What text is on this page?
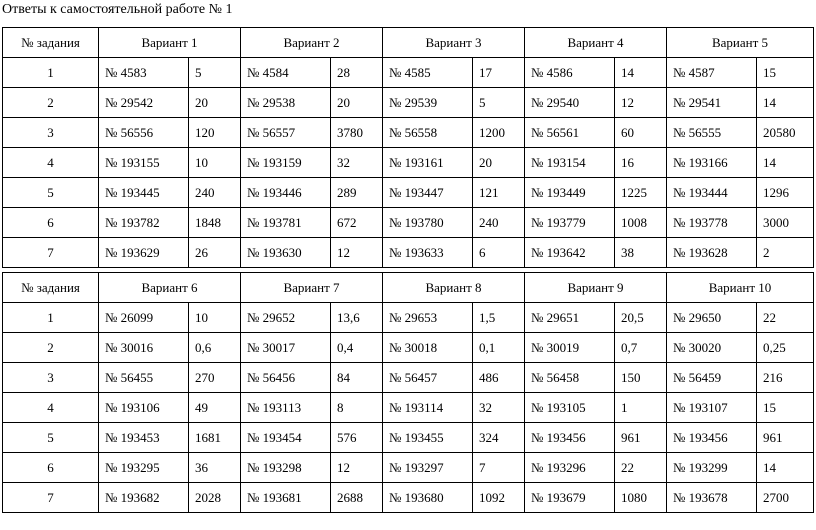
Ответы к самостоятельной работе № 1
№ задания	Вариант 1		Вариант 2		Вариант 3		Вариант 4		Вариант 5	
1	№ 4583	5	№ 4584	28	№ 4585	17	№ 4586	14	№ 4587	15
2	№ 29542	20	№ 29538	20	№ 29539	5	№ 29540	12	№ 29541	14
3	№ 56556	120	№ 56557	3780	№ 56558	1200	№ 56561	60	№ 56555	20580
4	№ 193155	10	№ 193159	32	№ 193161	20	№ 193154	16	№ 193166	14
5	№ 193445	240	№ 193446	289	№ 193447	121	№ 193449	1225	№ 193444	1296
6	№ 193782	1848	№ 193781	672	№ 193780	240	№ 193779	1008	№ 193778	3000
7	№ 193629	26	№ 193630	12	№ 193633	6	№ 193642	38	№ 193628	2
№ задания	Вариант 6		Вариант 7		Вариант 8		Вариант 9		Вариант 10	
1	№ 26099	10	№ 29652	13,6	№ 29653	1,5	№ 29651	20,5	№ 29650	22
2	№ 30016	0,6	№ 30017	0,4	№ 30018	0,1	№ 30019	0,7	№ 30020	0,25
3	№ 56455	270	№ 56456	84	№ 56457	486	№ 56458	150	№ 56459	216
4	№ 193106	49	№ 193113	8	№ 193114	32	№ 193105	1	№ 193107	15
5	№ 193453	1681	№ 193454	576	№ 193455	324	№ 193456	961	№ 193456	961
6	№ 193295	36	№ 193298	12	№ 193297	7	№ 193296	22	№ 193299	14
7	№ 193682	2028	№ 193681	2688	№ 193680	1092	№ 193679	1080	№ 193678	2700
